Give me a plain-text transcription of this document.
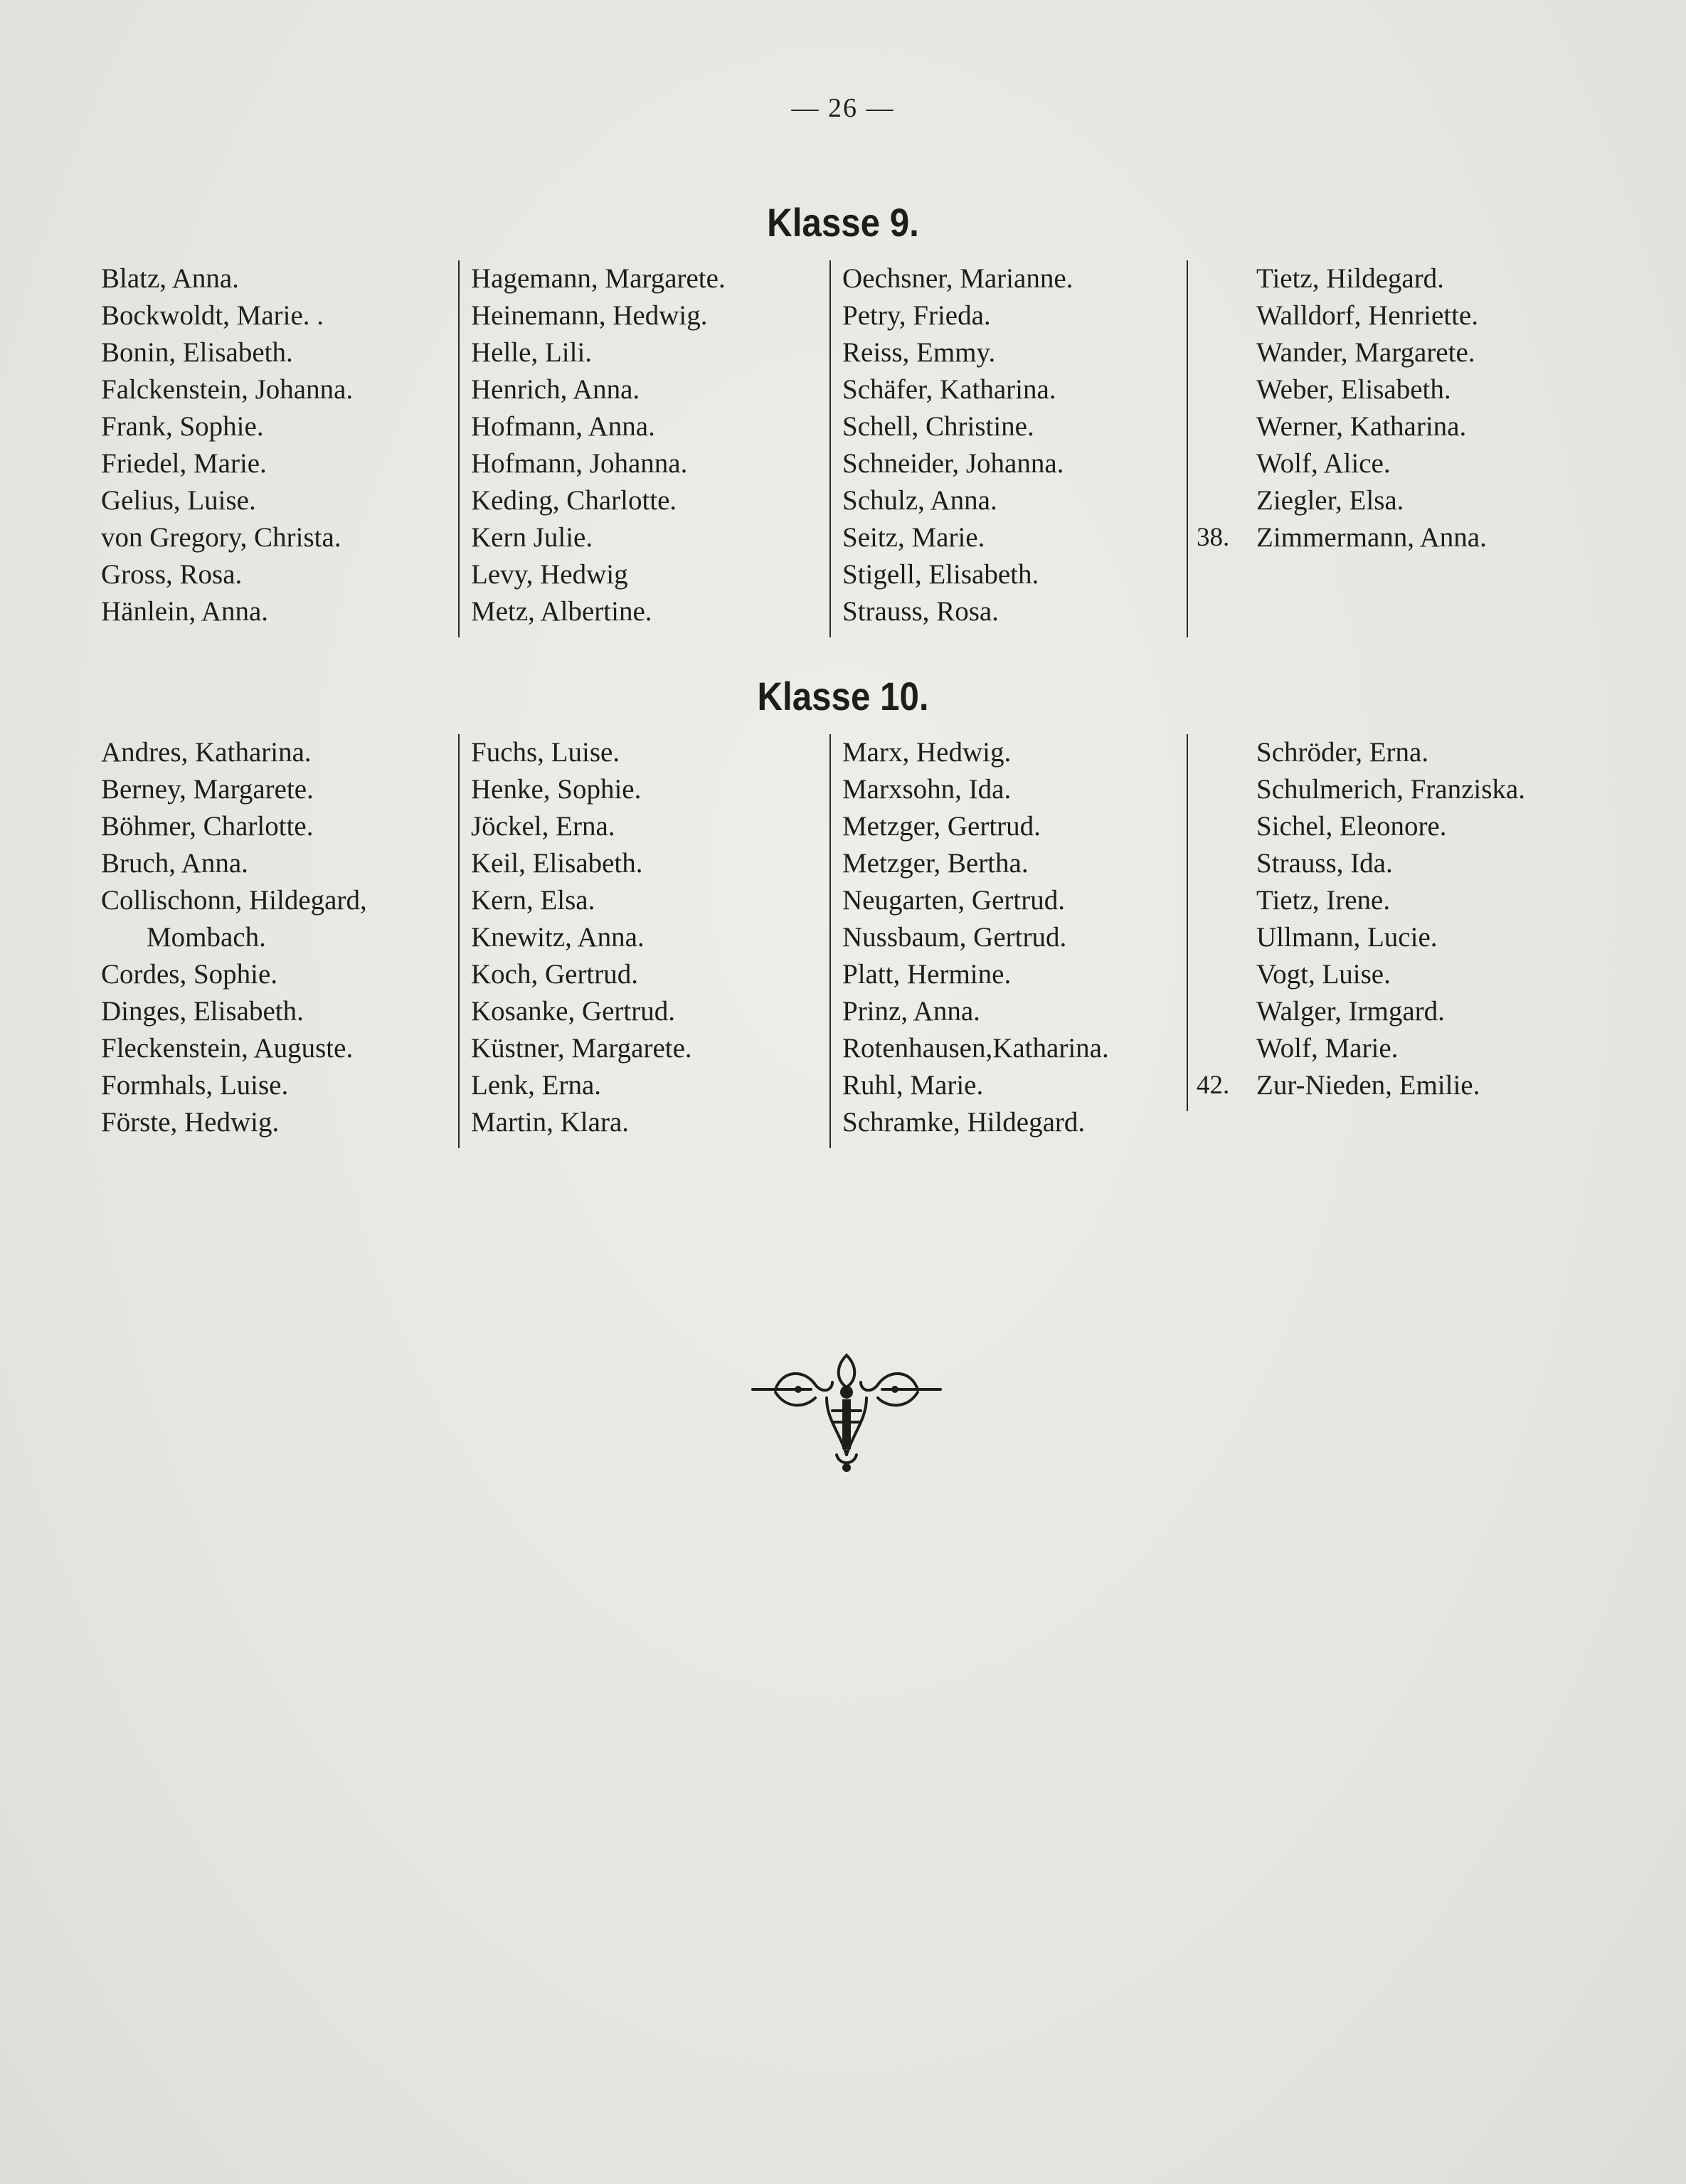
— 26 —
Klasse 9.
Blatz, Anna.
Bockwoldt, Marie. .
Bonin, Elisabeth.
Falckenstein, Johanna.
Frank, Sophie.
Friedel, Marie.
Gelius, Luise.
von Gregory, Christa.
Gross, Rosa.
Hänlein, Anna.
Hagemann, Margarete.
Heinemann, Hedwig.
Helle, Lili.
Henrich, Anna.
Hofmann, Anna.
Hofmann, Johanna.
Keding, Charlotte.
Kern Julie.
Levy, Hedwig
Metz, Albertine.
Oechsner, Marianne.
Petry, Frieda.
Reiss, Emmy.
Schäfer, Katharina.
Schell, Christine.
Schneider, Johanna.
Schulz, Anna.
Seitz, Marie.
Stigell, Elisabeth.
Strauss, Rosa.
38.
Tietz, Hildegard.
Walldorf, Henriette.
Wander, Margarete.
Weber, Elisabeth.
Werner, Katharina.
Wolf, Alice.
Ziegler, Elsa.
Zimmermann, Anna.
Klasse 10.
Andres, Katharina.
Berney, Margarete.
Böhmer, Charlotte.
Bruch, Anna.
Collischonn, Hildegard,
Mombach.
Cordes, Sophie.
Dinges, Elisabeth.
Fleckenstein, Auguste.
Formhals, Luise.
Förste, Hedwig.
Fuchs, Luise.
Henke, Sophie.
Jöckel, Erna.
Keil, Elisabeth.
Kern, Elsa.
Knewitz, Anna.
Koch, Gertrud.
Kosanke, Gertrud.
Küstner, Margarete.
Lenk, Erna.
Martin, Klara.
Marx, Hedwig.
Marxsohn, Ida.
Metzger, Gertrud.
Metzger, Bertha.
Neugarten, Gertrud.
Nussbaum, Gertrud.
Platt, Hermine.
Prinz, Anna.
Rotenhausen,Katharina.
Ruhl, Marie.
Schramke, Hildegard.
42.
Schröder, Erna.
Schulmerich, Franziska.
Sichel, Eleonore.
Strauss, Ida.
Tietz, Irene.
Ullmann, Lucie.
Vogt, Luise.
Walger, Irmgard.
Wolf, Marie.
Zur-Nieden, Emilie.
